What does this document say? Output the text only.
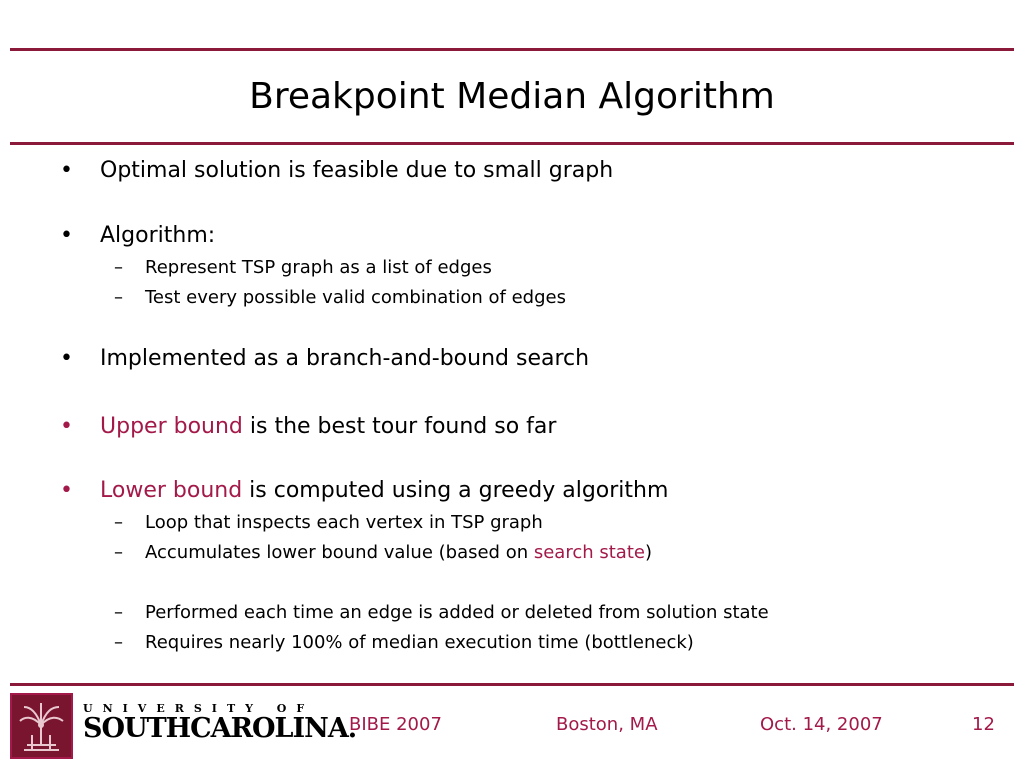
Breakpoint Median Algorithm
• Optimal solution is feasible due to small graph
• Algorithm:
– Represent TSP graph as a list of edges
– Test every possible valid combination of edges
• Implemented as a branch-and-bound search
• Upper bound is the best tour found so far
• Lower bound is computed using a greedy algorithm
– Loop that inspects each vertex in TSP graph
– Accumulates lower bound value (based on search state)
– Performed each time an edge is added or deleted from solution state
– Requires nearly 100% of median execution time (bottleneck)
UNIVERSITY OF
SOUTHCAROLINA.
BIBE 2007	Boston, MA	Oct. 14, 2007	12
